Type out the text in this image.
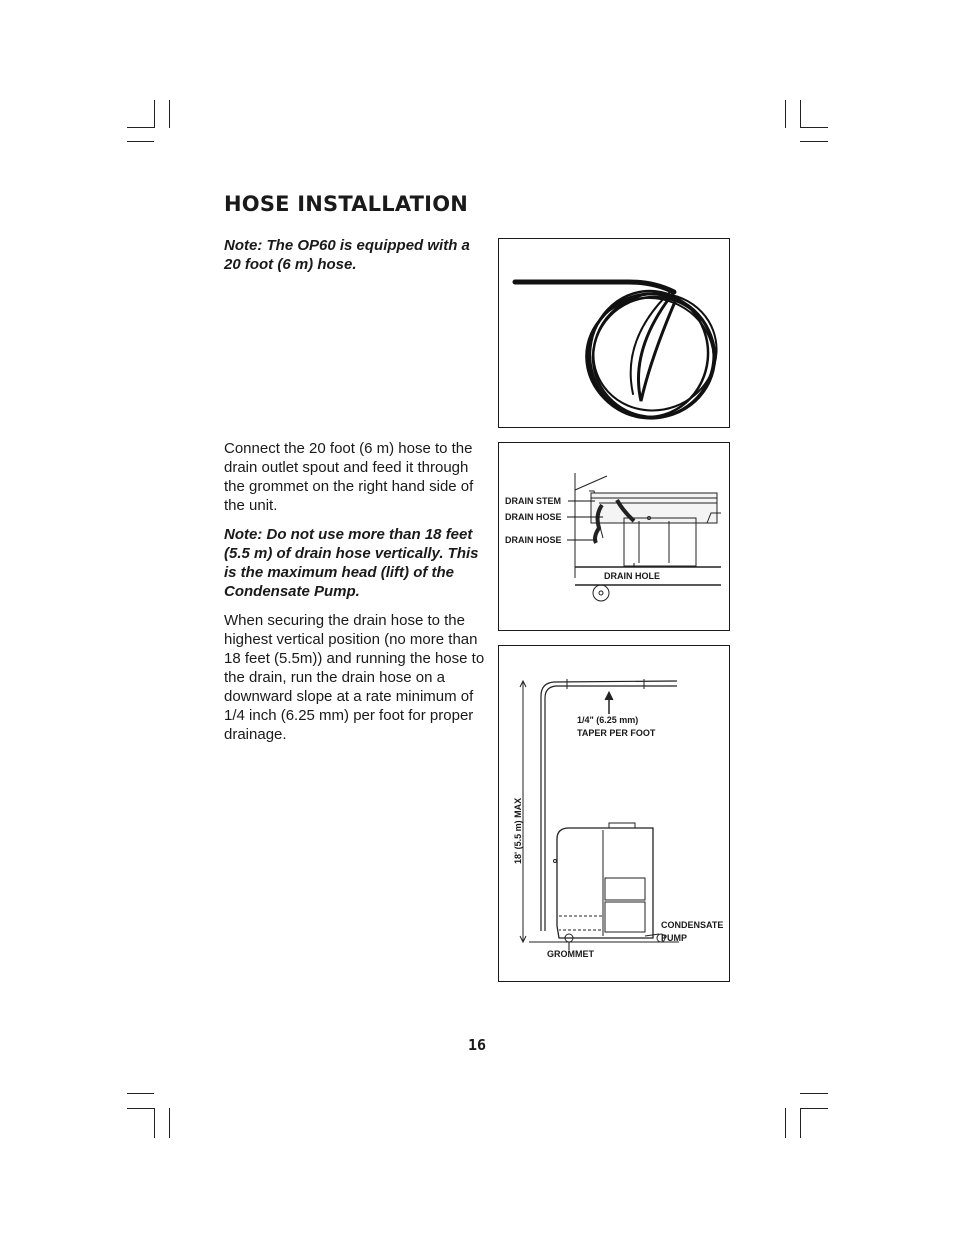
HOSE INSTALLATION

Note: The OP60 is equipped with a 20 foot (6 m) hose.

Connect the 20 foot (6 m) hose to the drain outlet spout and feed it through the grommet on the right hand side of the unit.

Note: Do not use more than 18 feet (5.5 m) of drain hose vertically. This is the maximum head (lift) of the Condensate Pump.

When securing the drain hose to the highest vertical position (no more than 18 feet (5.5m)) and running the hose to the drain, run the drain hose on a downward slope at a rate minimum of 1/4 inch (6.25 mm) per foot for proper drainage.

DRAIN STEM
DRAIN HOSE
DRAIN HOSE
DRAIN HOLE
1/4" (6.25 mm)
TAPER PER FOOT
18' (5.5 m) MAX
CONDENSATE
PUMP
GROMMET
16
